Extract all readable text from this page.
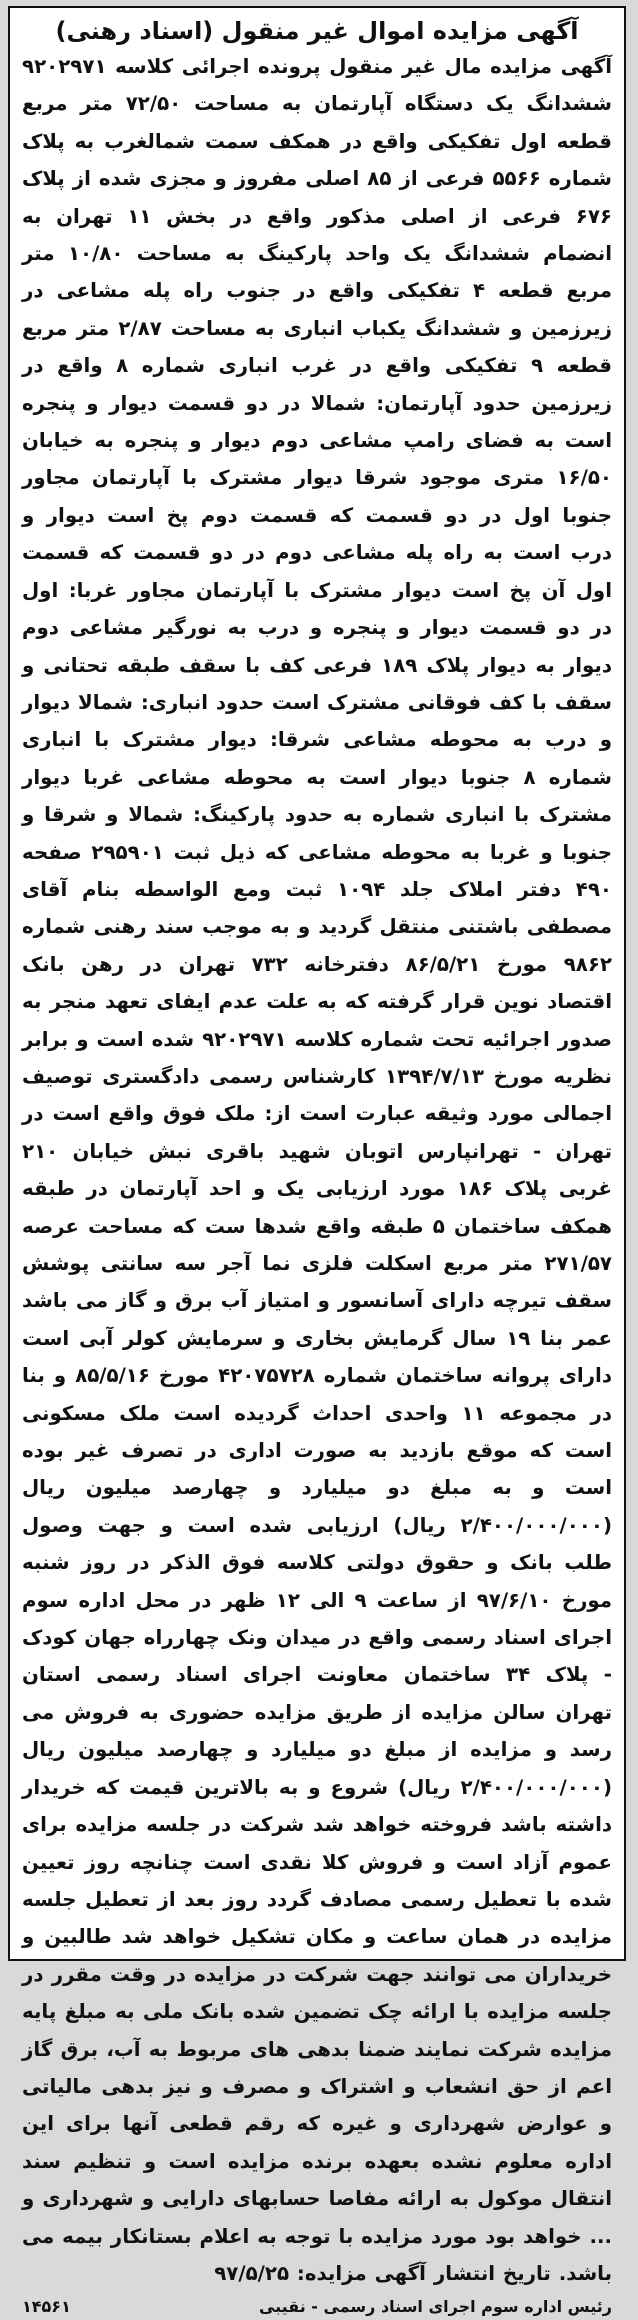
آگهی مزایده اموال غیر منقول (اسناد رهنی)

آگهی مزایده مال غیر منقول پرونده اجرائی کلاسه ۹۲۰۲۹۷۱ ششدانگ یک دستگاه آپارتمان به مساحت ۷۲/۵۰ متر مربع قطعه اول تفکیکی واقع در همکف سمت شمالغرب به پلاک شماره ۵۵۶۶ فرعی از ۸۵ اصلی مفروز و مجزی شده از پلاک ۶۷۶ فرعی از اصلی مذکور واقع در بخش ۱۱ تهران به انضمام ششدانگ یک واحد پارکینگ به مساحت ۱۰/۸۰ متر مربع قطعه ۴ تفکیکی واقع در جنوب راه پله مشاعی در زیرزمین و ششدانگ یکباب انباری به مساحت ۲/۸۷ متر مربع قطعه ۹ تفکیکی واقع در غرب انباری شماره ۸ واقع در زیرزمین حدود آپارتمان: شمالا در دو قسمت دیوار و پنجره است به فضای رامپ مشاعی دوم دیوار و پنجره به خیابان ۱۶/۵۰ متری موجود شرقا دیوار مشترک با آپارتمان مجاور جنوبا اول در دو قسمت که قسمت دوم پخ است دیوار و درب است به راه پله مشاعی دوم در دو قسمت که قسمت اول آن پخ است دیوار مشترک با آپارتمان مجاور غربا: اول در دو قسمت دیوار و پنجره و درب به نورگیر مشاعی دوم دیوار به دیوار پلاک ۱۸۹ فرعی کف با سقف طبقه تحتانی و سقف با کف فوقانی مشترک است حدود انباری: شمالا دیوار و درب به محوطه مشاعی شرقا: دیوار مشترک با انباری شماره ۸ جنوبا دیوار است به محوطه مشاعی غربا دیوار مشترک با انباری شماره به حدود پارکینگ: شمالا و شرقا و جنوبا و غربا به محوطه مشاعی که ذیل ثبت ۲۹۵۹۰۱ صفحه ۴۹۰ دفتر املاک جلد ۱۰۹۴ ثبت ومع الواسطه بنام آقای مصطفی باشتنی منتقل گردید و به موجب سند رهنی شماره ۹۸۶۲ مورخ ۸۶/۵/۲۱ دفترخانه ۷۳۲ تهران در رهن بانک اقتصاد نوین قرار گرفته که به علت عدم ایفای تعهد منجر به صدور اجرائیه تحت شماره کلاسه ۹۲۰۲۹۷۱ شده است و برابر نظریه مورخ ۱۳۹۴/۷/۱۳ کارشناس رسمی دادگستری توصیف اجمالی مورد وثیقه عبارت است از: ملک فوق واقع است در تهران - تهرانپارس اتوبان شهید باقری نبش خیابان ۲۱۰ غربی پلاک ۱۸۶ مورد ارزیابی یک و احد آپارتمان در طبقه همکف ساختمان ۵ طبقه واقع شدها ست که مساحت عرصه ۲۷۱/۵۷ متر مربع اسکلت فلزی نما آجر سه سانتی پوشش سقف تیرچه دارای آسانسور و امتیاز آب برق و گاز می باشد عمر بنا ۱۹ سال گرمایش بخاری و سرمایش کولر آبی است دارای پروانه ساختمان شماره ۴۲۰۷۵۷۲۸ مورخ ۸۵/۵/۱۶ و بنا در مجموعه ۱۱ واحدی احداث گردیده است ملک مسکونی است که موقع بازدید به صورت اداری در تصرف غیر بوده است و به مبلغ دو میلیارد و چهارصد میلیون ریال (۲/۴۰۰/۰۰۰/۰۰۰ ریال) ارزیابی شده است و جهت وصول طلب بانک و حقوق دولتی کلاسه فوق الذکر در روز شنبه مورخ ۹۷/۶/۱۰ از ساعت ۹ الی ۱۲ ظهر در محل اداره سوم اجرای اسناد رسمی واقع در میدان ونک چهارراه جهان کودک - پلاک ۳۴ ساختمان معاونت اجرای اسناد رسمی استان تهران سالن مزایده از طریق مزایده حضوری به فروش می رسد و مزایده از مبلغ دو میلیارد و چهارصد میلیون ریال (۲/۴۰۰/۰۰۰/۰۰۰ ریال) شروع و به بالاترین قیمت که خریدار داشته باشد فروخته خواهد شد شرکت در جلسه مزایده برای عموم آزاد است و فروش کلا نقدی است چنانچه روز تعیین شده با تعطیل رسمی مصادف گردد روز بعد از تعطیل جلسه مزایده در همان ساعت و مکان تشکیل خواهد شد طالبین و خریداران می توانند جهت شرکت در مزایده در وقت مقرر در جلسه مزایده با ارائه چک تضمین شده بانک ملی به مبلغ پایه مزایده شرکت نمایند ضمنا بدهی های مربوط به آب، برق گاز اعم از حق انشعاب و اشتراک و مصرف و نیز بدهی مالیاتی و عوارض شهرداری و غیره که رقم قطعی آنها برای این اداره معلوم نشده بعهده برنده مزایده است و تنظیم سند انتقال موکول به ارائه مفاصا حسابهای دارایی و شهرداری و ... خواهد بود مورد مزایده با توجه به اعلام بستانکار بیمه می باشد. تاریخ انتشار آگهی مزایده: ۹۷/۵/۲۵

رئیس اداره سوم اجرای اسناد رسمی - نقیبی
۱۴۵۶۱
